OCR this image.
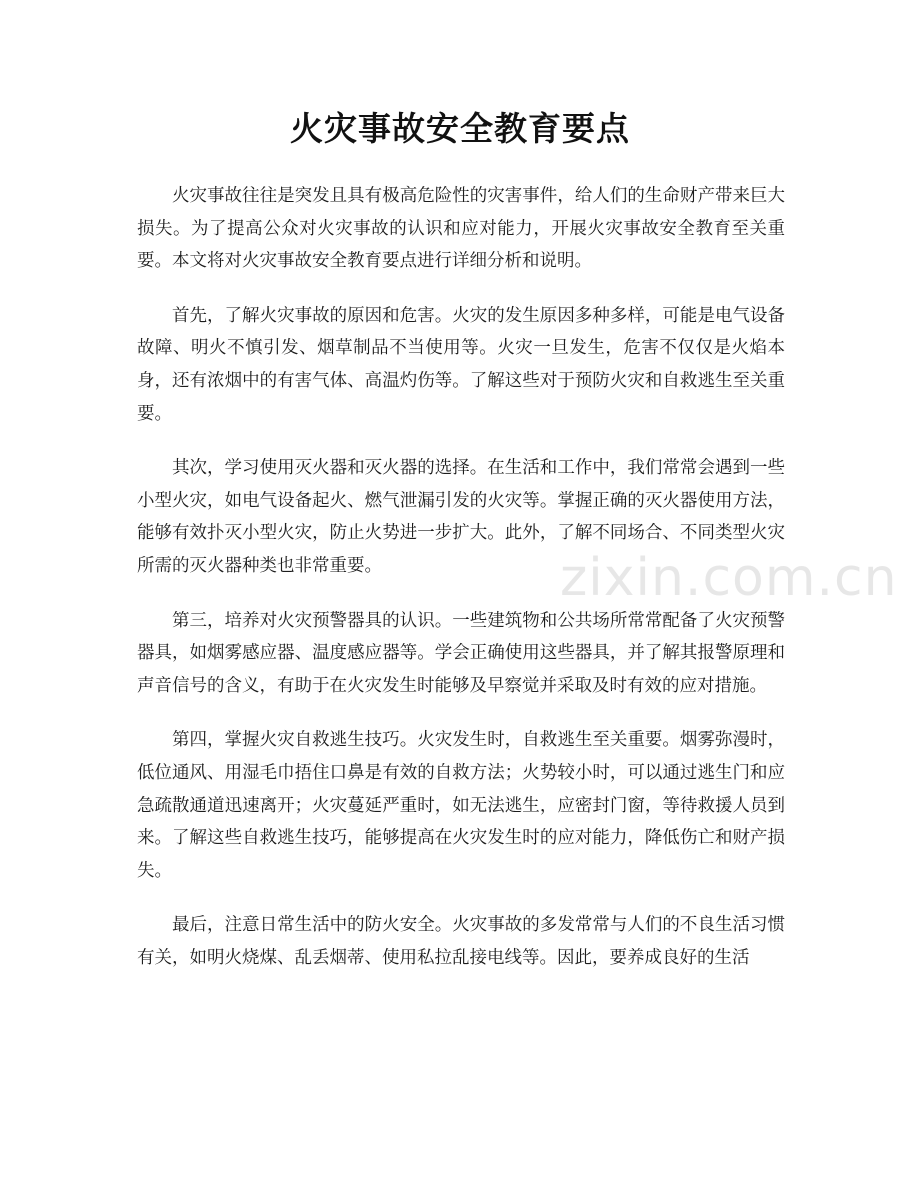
火灾事故安全教育要点

火灾事故往往是突发且具有极高危险性的灾害事件，给人们的生命财产带来巨大损失。为了提高公众对火灾事故的认识和应对能力，开展火灾事故安全教育至关重要。本文将对火灾事故安全教育要点进行详细分析和说明。

首先，了解火灾事故的原因和危害。火灾的发生原因多种多样，可能是电气设备故障、明火不慎引发、烟草制品不当使用等。火灾一旦发生，危害不仅仅是火焰本身，还有浓烟中的有害气体、高温灼伤等。了解这些对于预防火灾和自救逃生至关重要。

其次，学习使用灭火器和灭火器的选择。在生活和工作中，我们常常会遇到一些小型火灾，如电气设备起火、燃气泄漏引发的火灾等。掌握正确的灭火器使用方法，能够有效扑灭小型火灾，防止火势进一步扩大。此外，了解不同场合、不同类型火灾所需的灭火器种类也非常重要。

第三，培养对火灾预警器具的认识。一些建筑物和公共场所常常配备了火灾预警器具，如烟雾感应器、温度感应器等。学会正确使用这些器具，并了解其报警原理和声音信号的含义，有助于在火灾发生时能够及早察觉并采取及时有效的应对措施。

第四，掌握火灾自救逃生技巧。火灾发生时，自救逃生至关重要。烟雾弥漫时，低位通风、用湿毛巾捂住口鼻是有效的自救方法；火势较小时，可以通过逃生门和应急疏散通道迅速离开；火灾蔓延严重时，如无法逃生，应密封门窗，等待救援人员到来。了解这些自救逃生技巧，能够提高在火灾发生时的应对能力，降低伤亡和财产损失。

最后，注意日常生活中的防火安全。火灾事故的多发常常与人们的不良生活习惯有关，如明火烧煤、乱丢烟蒂、使用私拉乱接电线等。因此，要养成良好的生活

zixin.com.cn
